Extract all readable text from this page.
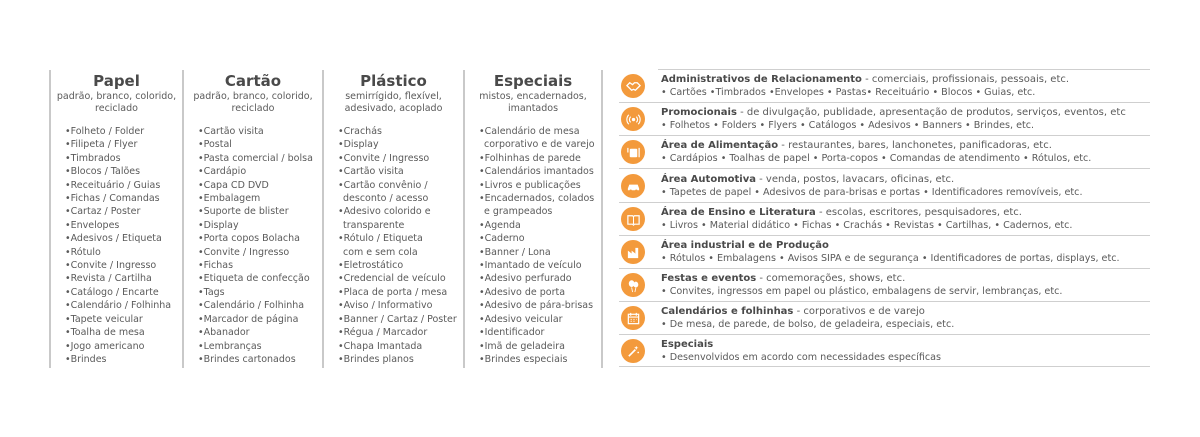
Papel
padrão, branco, colorido, reciclado
•Folheto / Folder
•Filipeta / Flyer
•Timbrados
•Blocos / Talões
•Receituário / Guias
•Fichas / Comandas
•Cartaz / Poster
•Envelopes
•Adesivos / Etiqueta
•Rótulo
•Convite / Ingresso
•Revista / Cartilha
•Catálogo / Encarte
•Calendário / Folhinha
•Tapete veicular
•Toalha de mesa
•Jogo americano
•Brindes
Cartão
padrão, branco, colorido, reciclado
•Cartão visita
•Postal
•Pasta comercial / bolsa
•Cardápio
•Capa CD DVD
•Embalagem
•Suporte de blister
•Display
•Porta copos Bolacha
•Convite / Ingresso
•Fichas
•Etiqueta de confecção
•Tags
•Calendário / Folhinha
•Marcador de página
•Abanador
•Lembranças
•Brindes cartonados
Plástico
semirrígido, flexível, adesivado, acoplado
•Crachás
•Display
•Convite / Ingresso
•Cartão visita
•Cartão convênio /
desconto / acesso
•Adesivo colorido e
transparente
•Rótulo / Etiqueta
com e sem cola
•Eletrostático
•Credencial de veículo
•Placa de porta / mesa
•Aviso / Informativo
•Banner / Cartaz / Poster
•Régua / Marcador
•Chapa Imantada
•Brindes planos
Especiais
mistos, encadernados, imantados
•Calendário de mesa
corporativo e de varejo
•Folhinhas de parede
•Calendários imantados
•Livros e publicações
•Encadernados, colados
e grampeados
•Agenda
•Caderno
•Banner / Lona
•Imantado de veículo
•Adesivo perfurado
•Adesivo de porta
•Adesivo de pára-brisas
•Adesivo veicular
•Identificador
•Imã de geladeira
•Brindes especiais
Administrativos de Relacionamento - comerciais, profissionais, pessoais, etc.
• Cartões •Timbrados •Envelopes • Pastas• Receituário • Blocos • Guias, etc.
Promocionais - de divulgação, publidade, apresentação de produtos, serviços, eventos, etc
• Folhetos • Folders • Flyers • Catálogos • Adesivos • Banners • Brindes, etc.
Área de Alimentação - restaurantes, bares, lanchonetes, panificadoras, etc.
• Cardápios • Toalhas de papel • Porta-copos • Comandas de atendimento • Rótulos, etc.
Área Automotiva - venda, postos, lavacars, oficinas, etc.
• Tapetes de papel • Adesivos de para-brisas e portas • Identificadores removíveis, etc.
Área de Ensino e Literatura - escolas, escritores, pesquisadores, etc.
• Livros • Material didático • Fichas • Crachás • Revistas • Cartilhas, • Cadernos, etc.
Área industrial e de Produção
• Rótulos • Embalagens • Avisos SIPA e de segurança • Identificadores de portas, displays, etc.
Festas e eventos - comemorações, shows, etc.
• Convites, ingressos em papel ou plástico, embalagens de servir, lembranças, etc.
Calendários e folhinhas - corporativos e de varejo
• De mesa, de parede, de bolso, de geladeira, especiais, etc.
Especiais
• Desenvolvidos em acordo com necessidades específicas
